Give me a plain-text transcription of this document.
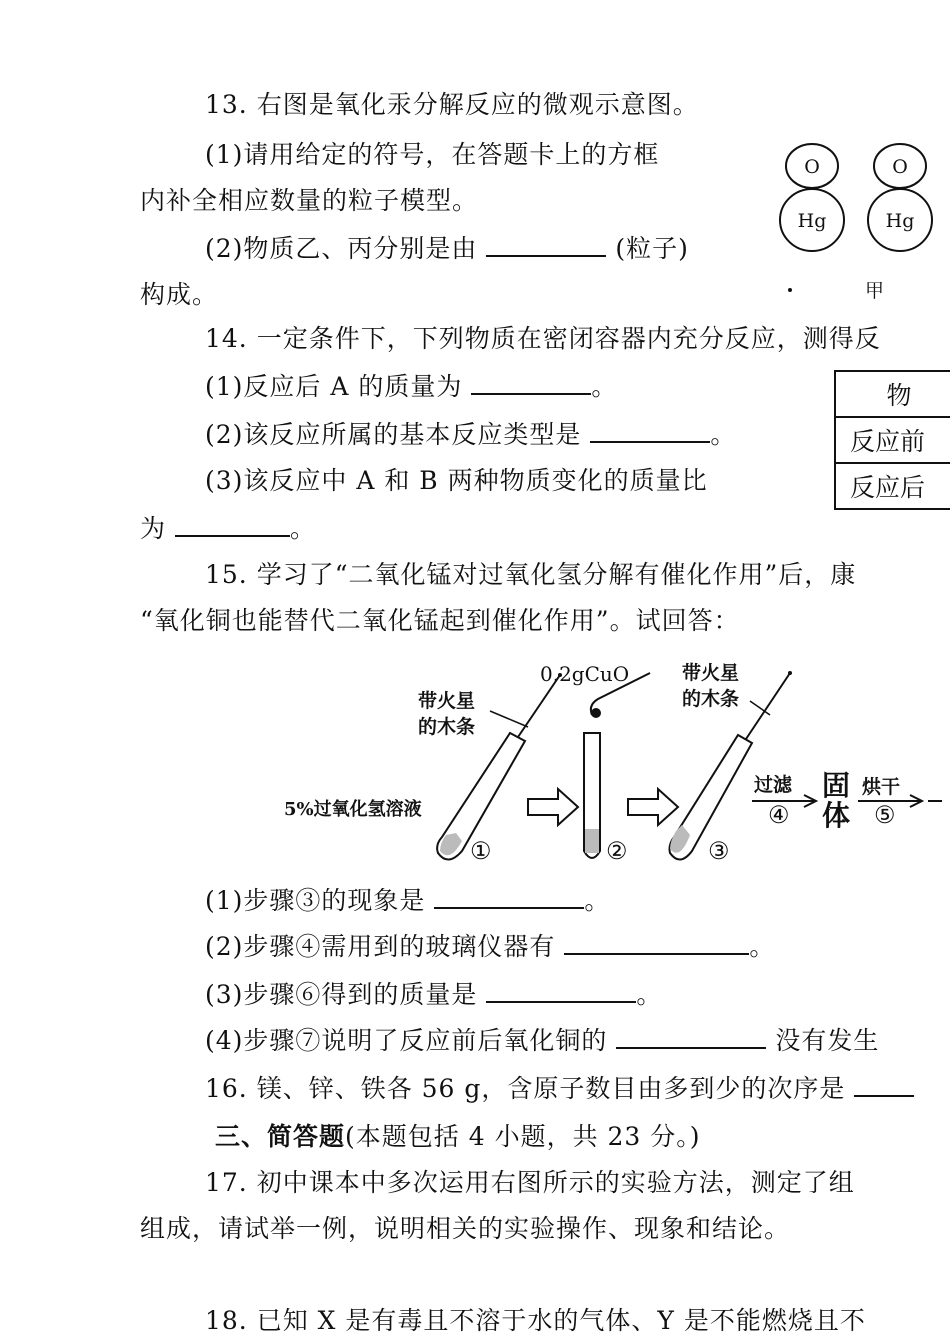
13. 右图是氧化汞分解反应的微观示意图。
(1)请用给定的符号，在答题卡上的方框
内补全相应数量的粒子模型。
(2)物质乙、丙分别是由	(粒子)
构成。
O
Hg
O
Hg
甲
14. 一定条件下，下列物质在密闭容器内充分反应，测得反
(1)反应后 A 的质量为	。
(2)该反应所属的基本反应类型是	。
(3)该反应中 A 和 B 两种物质变化的质量比
为	。
物
反应前
反应后
15. 学习了“二氧化锰对过氧化氢分解有催化作用”后，康
“氧化铜也能替代二氧化锰起到催化作用”。试回答：
带火星
的木条
5%过氧化氢溶液
①
0.2gCuO
②
带火星
的木条
③
过滤
④
固
体
烘干
⑤
(1)步骤③的现象是	。
(2)步骤④需用到的玻璃仪器有	。
(3)步骤⑥得到的质量是	。
(4)步骤⑦说明了反应前后氧化铜的	没有发生
16. 镁、锌、铁各 56 g，含原子数目由多到少的次序是
三、简答题(本题包括 4 小题，共 23 分。)
17. 初中课本中多次运用右图所示的实验方法，测定了组
组成，请试举一例，说明相关的实验操作、现象和结论。
18. 已知 X 是有毒且不溶于水的气体、Y 是不能燃烧且不
